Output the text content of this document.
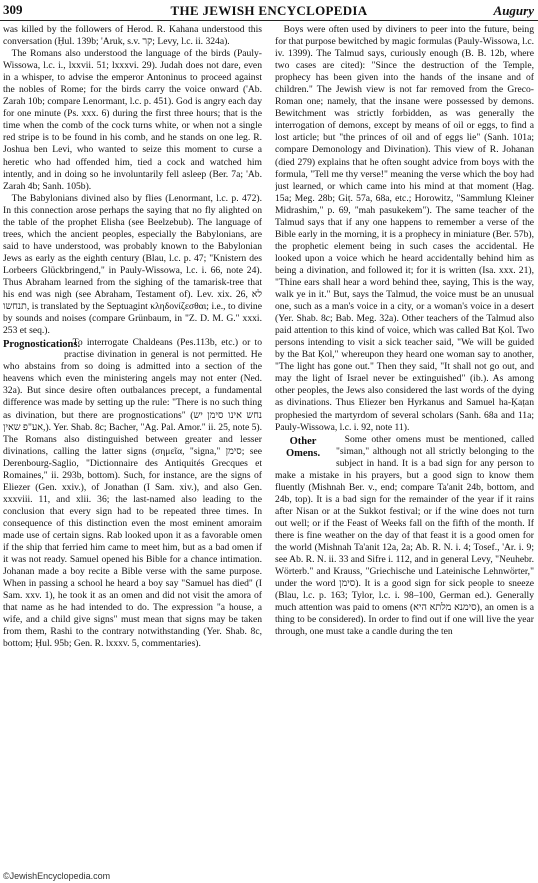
309	THE JEWISH ENCYCLOPEDIA	Augury

was killed by the followers of Herod. R. Kahana understood this conversation (Ḥul. 139b; 'Aruk, s.v. קר; Levy, l.c. ii. 324a).

The Romans also understood the language of the birds (Pauly-Wissowa, l.c. i., lxxvii. 51; lxxxvi. 29). Judah does not dare, even in a whisper, to advise the emperor Antoninus to proceed against the nobles of Rome; for the birds carry the voice onward ('Ab. Zarah 10b; compare Lenormant, l.c. p. 451). God is angry each day for one minute (Ps. xxx. 6) during the first three hours; that is the time when the comb of the cock turns white, or when not a single red stripe is to be found in his comb, and he stands on one leg. R. Joshua ben Levi, who wanted to seize this moment to curse a heretic who had offended him, tied a cock and watched him intently, and in doing so he involuntarily fell asleep (Ber. 7a; 'Ab. Zarah 4b; Sanh. 105b).

The Babylonians divined also by flies (Lenormant, l.c. p. 472). In this connection arose perhaps the saying that no fly alighted on the table of the prophet Elisha (see Beelzebub). The language of trees, which the ancient peoples, especially the Babylonians, are said to have understood, was probably known to the Babylonian Jews as early as the eighth century (Blau, l.c. p. 47; "Knistern des Lorbeers Glückbringend," in Pauly-Wissowa, l.c. i. 66, note 24). Thus Abraham learned from the sighing of the tamarisk-tree that his end was nigh (see Abraham, Testament of). Lev. xix. 26, לא תנחשו, is translated by the Septuagint κληδονίζεσθαι; i.e., to divine by sounds and noises (compare Grünbaum, in "Z. D. M. G." xxxi. 253 et seq.).

Prognostications.

To interrogate Chaldeans (Pes.113b, etc.) or to practise divination in general is not permitted. He who abstains from so doing is admitted into a section of the heavens which even the ministering angels may not enter (Ned. 32a). But since desire often outbalances precept, a fundamental difference was made by setting up the rule: "There is no such thing as divination, but there are prognostications" (נחש אינו סימן יש ,אע"פ שאין). Yer. Shab. 8c; Bacher, "Ag. Pal. Amor." ii. 25, note 5). The Romans also distinguished between greater and lesser divinations, calling the latter signs (σημεῖα, "signa," סימן; see Derenbourg-Saglio, "Dictionnaire des Antiquités Grecques et Romaines," ii. 293b, bottom). Such, for instance, are the signs of Eliezer (Gen. xxiv.), of Jonathan (I Sam. xiv.), and also Gen. xxxviii. 11, and xlii. 36; the last-named also leading to the conclusion that every sign had to be repeated three times. In consequence of this distinction even the most eminent amoraim made use of certain signs. Rab looked upon it as a favorable omen if the ship that ferried him came to meet him, but as a bad omen if it was not ready. Samuel opened his Bible for a chance intimation. Johanan made a boy recite a Bible verse with the same purpose. When in passing a school he heard a boy say "Samuel has died" (I Sam. xxv. 1), he took it as an omen and did not visit the amora of that name as he had intended to do. The expression "a house, a wife, and a child give signs" must mean that signs may be taken from them, Rashi to the contrary notwithstanding (Yer. Shab. 8c, bottom; Ḥul. 95b; Gen. R. lxxxv. 5, commentaries).

Boys were often used by diviners to peer into the future, being for that purpose bewitched by magic formulas (Pauly-Wissowa, l.c. iv. 1399). The Talmud says, curiously enough (B. B. 12b, where two cases are cited): "Since the destruction of the Temple, prophecy has been given into the hands of the insane and of children." The Jewish view is not far removed from the Greco-Roman one; namely, that the insane were possessed by demons. Bewitchment was strictly forbidden, as was generally the interrogation of demons, except by means of oil or eggs, to find a lost article; but "the princes of oil and of eggs lie" (Sanh. 101a; compare Demonology and Divination). This view of R. Johanan (died 279) explains that he often sought advice from boys with the formula, "Tell me thy verse!" meaning the verse which the boy had just learned, or which came into his mind at that moment (Ḥag. 15a; Meg. 28b; Giṭ. 57a, 68a, etc.; Horowitz, "Sammlung Kleiner Midrashim," p. 69, "mah pasukekem"). The same teacher of the Talmud says that if any one happens to remember a verse of the Bible early in the morning, it is a prophecy in miniature (Ber. 57b), the prophetic element being in such cases the accidental. He looked upon a voice which he heard accidentally behind him as being a divination, and followed it; for it is written (Isa. xxx. 21), "Thine ears shall hear a word behind thee, saying, This is the way, walk ye in it." But, says the Talmud, the voice must be an unusual one, such as a man's voice in a city, or a woman's voice in a desert (Yer. Shab. 8c; Bab. Meg. 32a). Other teachers of the Talmud also paid attention to this kind of voice, which was called Bat Ḳol. Two persons intending to visit a sick teacher said, "We will be guided by the Bat Ḳol," whereupon they heard one woman say to another, "The light has gone out." Then they said, "It shall not go out, and may the light of Israel never be extinguished" (ib.). As among other peoples, the Jews also considered the last words of the dying as divinations. Thus Eliezer ben Hyrkanus and Samuel ha-Ḳaṭan prophesied the martyrdom of several scholars (Sanh. 68a and 11a; Pauly-Wissowa, l.c. i. 92, note 11).

Other Omens.

Some other omens must be mentioned, called "siman," although not all strictly belonging to the subject in hand. It is a bad sign for any person to make a mistake in his prayers, but a good sign to know them fluently (Mishnah Ber. v., end; compare Ta'anit 24b, bottom, and 24b, top). It is a bad sign for the remainder of the year if it rains after Nisan or at the Sukkot festival; or if the wine does not turn out well; or if the Feast of Weeks fall on the fifth of the month. If there is fine weather on the day of that feast it is a good omen for the world (Mishnah Ta'anit 12a, 2a; Ab. R. N. i. 4; Tosef., 'Ar. i. 9; see Ab. R. N. ii. 33 and Sifre i. 112, and in general Levy, "Neuhebr. Wörterb." and Krauss, "Griechische und Lateinische Lehnwörter," under the word סימן). It is a good sign for sick people to sneeze (Blau, l.c. p. 163; Tylor, l.c. i. 98–100, German ed.). Generally much attention was paid to omens (סימנא מלתא היא), an omen is a thing to be considered). In order to find out if one will live the year through, one must take a candle during the ten

©JewishEncyclopedia.com
